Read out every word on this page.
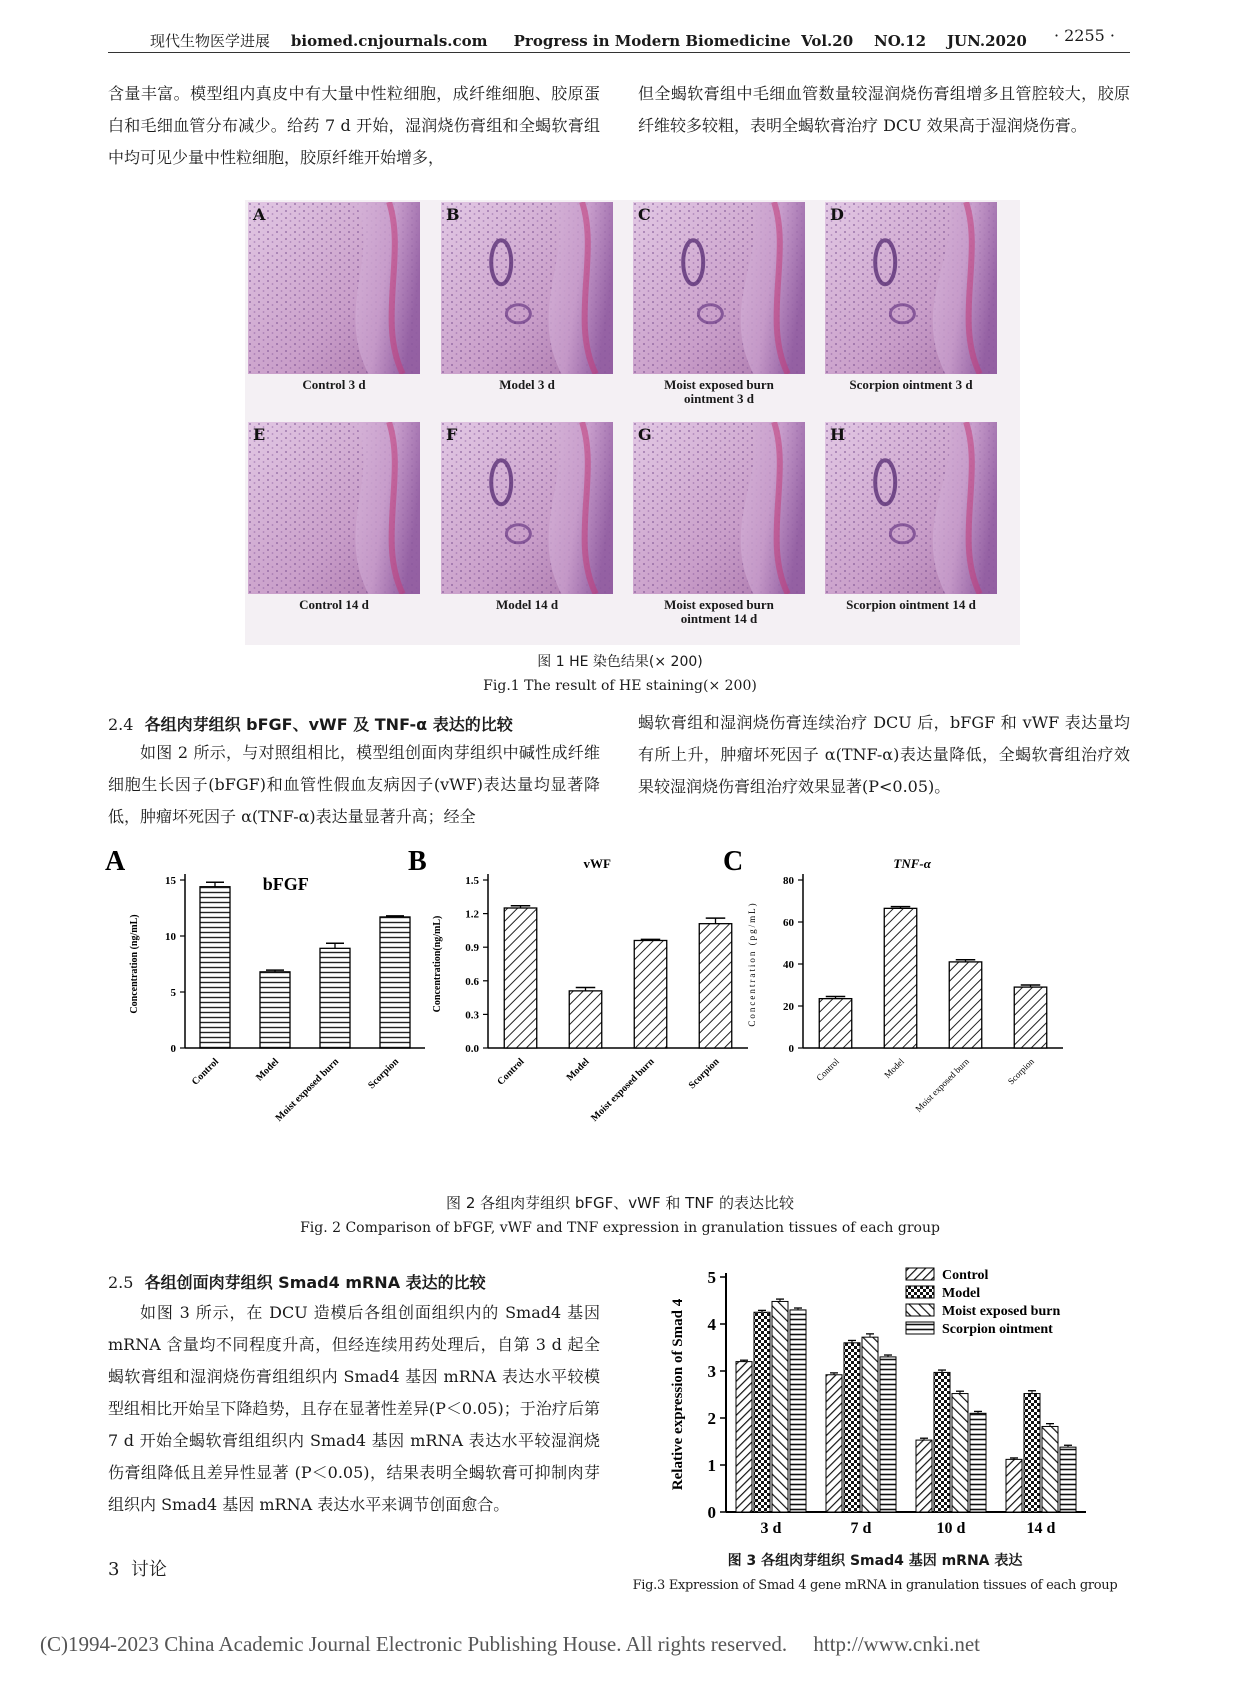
现代生物医学进展 biomed.cnjournals.com Progress in Modern Biomedicine Vol.20 NO.12 JUN.2020 · 2255 ·

含量丰富。模型组内真皮中有大量中性粒细胞，成纤维细胞、胶原蛋白和毛细血管分布减少。给药 7 d 开始，湿润烧伤膏组和全蝎软膏组中均可见少量中性粒细胞，胶原纤维开始增多，

但全蝎软膏组中毛细血管数量较湿润烧伤膏组增多且管腔较大，胶原纤维较多较粗，表明全蝎软膏治疗 DCU 效果高于湿润烧伤膏。

A
Control 3 d
B
Model 3 d
C
Moist exposed burn ointment 3 d
D
Scorpion ointment 3 d
E
Control 14 d
F
Model 14 d
G
Moist exposed burn ointment 14 d
H
Scorpion ointment 14 d
图 1 HE 染色结果(× 200)
Fig.1 The result of HE staining(× 200)
2.4 各组肉芽组织 bFGF、vWF 及 TNF-α 表达的比较

如图 2 所示，与对照组相比，模型组创面肉芽组织中碱性成纤维细胞生长因子(bFGF)和血管性假血友病因子(vWF)表达量均显著降低，肿瘤坏死因子 α(TNF-α)表达量显著升高；经全

蝎软膏组和湿润烧伤膏连续治疗 DCU 后，bFGF 和 vWF 表达量均有所上升，肿瘤坏死因子 α(TNF-α)表达量降低，全蝎软膏组治疗效果较湿润烧伤膏组治疗效果显著(P<0.05)。

A
bFGF
0
5
10
15
Concentration (ng/mL)
Control	Model
Moist exposed burn	Scorpion
B	vWF
0.0
0.3
0.6
0.9
1.2
1.5
Concentration(ng/mL)
Control	Model
Moist exposed burn	Scorpion
C	TNF-α
0
20
40
60
80
Concentration (pg/mL)
Control	Model Moist exposed burn	Scorpion
图 2 各组肉芽组织 bFGF、vWF 和 TNF 的表达比较
Fig. 2 Comparison of bFGF, vWF and TNF expression in granulation tissues of each group
2.5 各组创面肉芽组织 Smad4 mRNA 表达的比较

如图 3 所示，在 DCU 造模后各组创面组织内的 Smad4 基因 mRNA 含量均不同程度升高，但经连续用药处理后，自第 3 d 起全蝎软膏组和湿润烧伤膏组组织内 Smad4 基因 mRNA 表达水平较模型组相比开始呈下降趋势，且存在显著性差异(P＜0.05)；于治疗后第 7 d 开始全蝎软膏组组织内 Smad4 基因 mRNA 表达水平较湿润烧伤膏组降低且差异性显著 (P＜0.05)，结果表明全蝎软膏可抑制肉芽组织内 Smad4 基因 mRNA 表达水平来调节创面愈合。

3 讨论
0
1
2
3
4
5
Relative expression of Smad 4
3 d	7 d	10 d	14 d
Control
Model
Moist exposed burn
Scorpion ointment
图 3 各组肉芽组织 Smad4 基因 mRNA 表达
Fig.3 Expression of Smad 4 gene mRNA in granulation tissues of each group
(C)1994-2023 China Academic Journal Electronic Publishing House. All rights reserved. http://www.cnki.net
